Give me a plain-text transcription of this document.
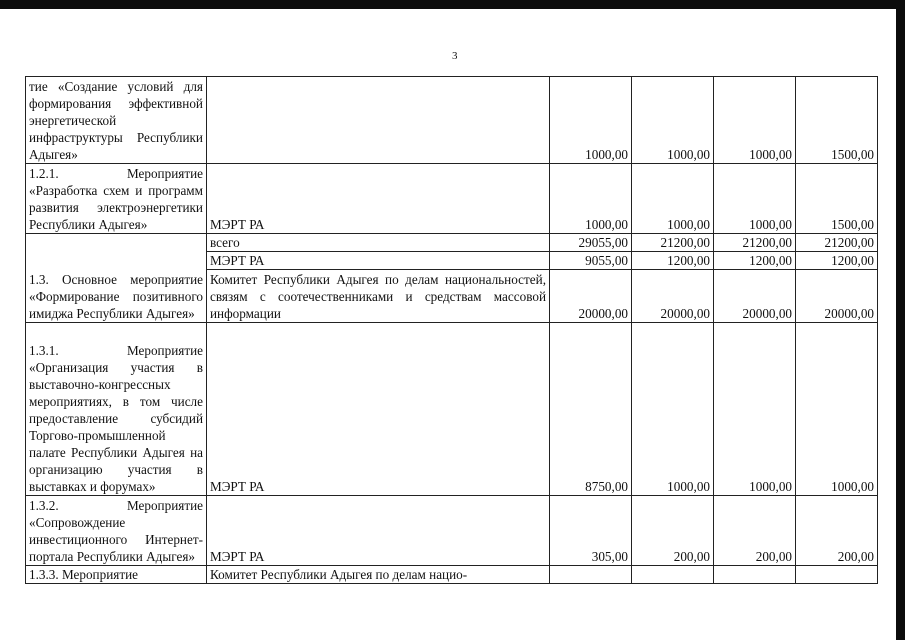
3
тие «Создание условий для формирования эффективной энергетической инфраструктуры Республики Адыгея»		1000,00	1000,00	1000,00	1500,00
1.2.1. Мероприятие «Разработка схем и программ развития электроэнергетики Республики Адыгея»	МЭРТ РА	1000,00	1000,00	1000,00	1500,00
1.3. Основное мероприятие «Формирование позитивного имиджа Республики Адыгея»	всего	29055,00	21200,00	21200,00	21200,00
	МЭРТ РА	9055,00	1200,00	1200,00	1200,00
	Комитет Республики Адыгея по делам национальностей, связям с соотечественниками и средствам массовой информации	20000,00	20000,00	20000,00	20000,00
1.3.1. Мероприятие «Организация участия в выставочно-конгрессных мероприятиях, в том числе предоставление субсидий Торгово-промышленной палате Республики Адыгея на организацию участия в выставках и форумах»	МЭРТ РА	8750,00	1000,00	1000,00	1000,00
1.3.2. Мероприятие «Сопровождение инвестиционного Интернет-портала Республики Адыгея»	МЭРТ РА	305,00	200,00	200,00	200,00
1.3.3. Мероприятие	Комитет Республики Адыгея по делам нацио-				
